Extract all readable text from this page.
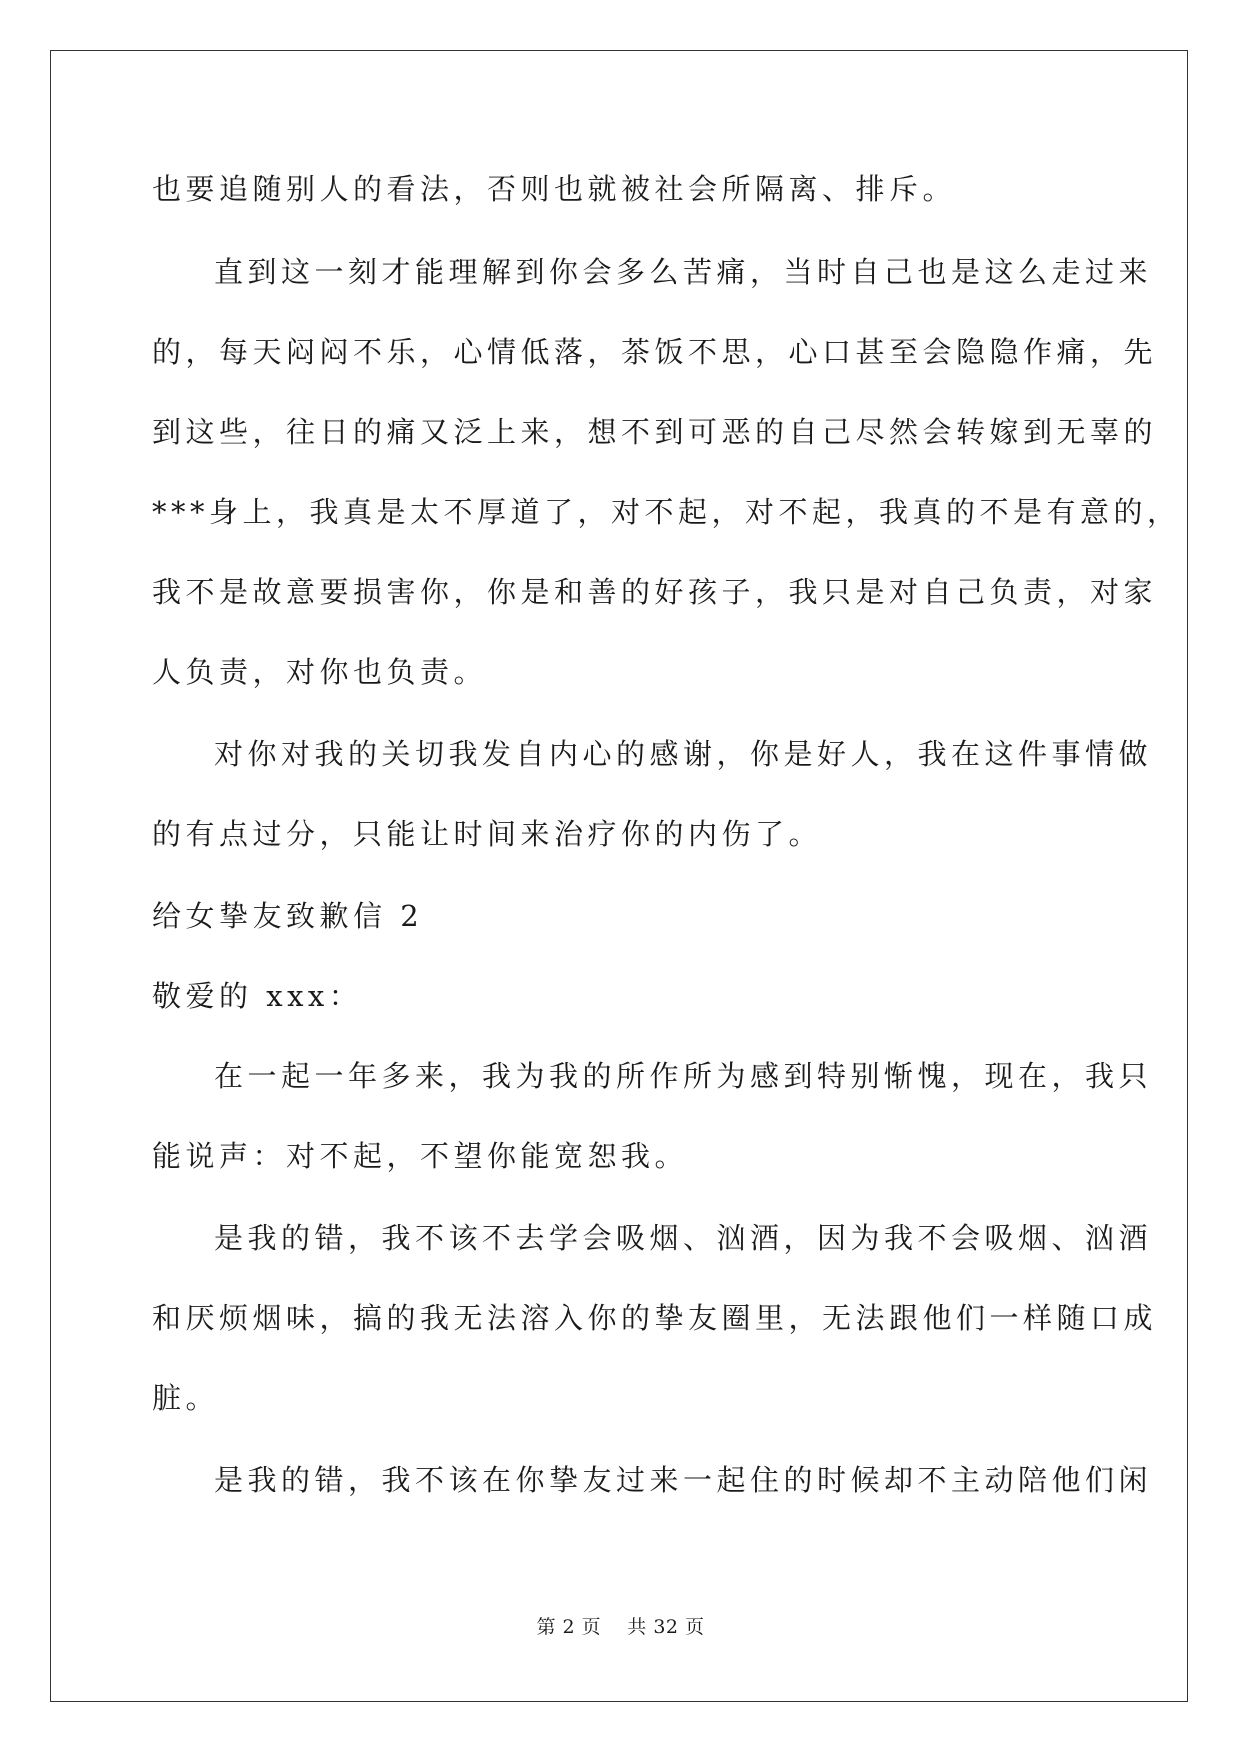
也要追随别人的看法，否则也就被社会所隔离、排斥。
直到这一刻才能理解到你会多么苦痛，当时自己也是这么走过来
的，每天闷闷不乐，心情低落，茶饭不思，心口甚至会隐隐作痛，先
到这些，往日的痛又泛上来，想不到可恶的自己尽然会转嫁到无辜的
***身上，我真是太不厚道了，对不起，对不起，我真的不是有意的，
我不是故意要损害你，你是和善的好孩子，我只是对自己负责，对家
人负责，对你也负责。
对你对我的关切我发自内心的感谢，你是好人，我在这件事情做
的有点过分，只能让时间来治疗你的内伤了。
给女挚友致歉信 2
敬爱的 xxx：
在一起一年多来，我为我的所作所为感到特别惭愧，现在，我只
能说声：对不起，不望你能宽恕我。
是我的错，我不该不去学会吸烟、汹酒，因为我不会吸烟、汹酒
和厌烦烟味，搞的我无法溶入你的挚友圈里，无法跟他们一样随口成
脏。
是我的错，我不该在你挚友过来一起住的时候却不主动陪他们闲
第 2 页    共 32 页
